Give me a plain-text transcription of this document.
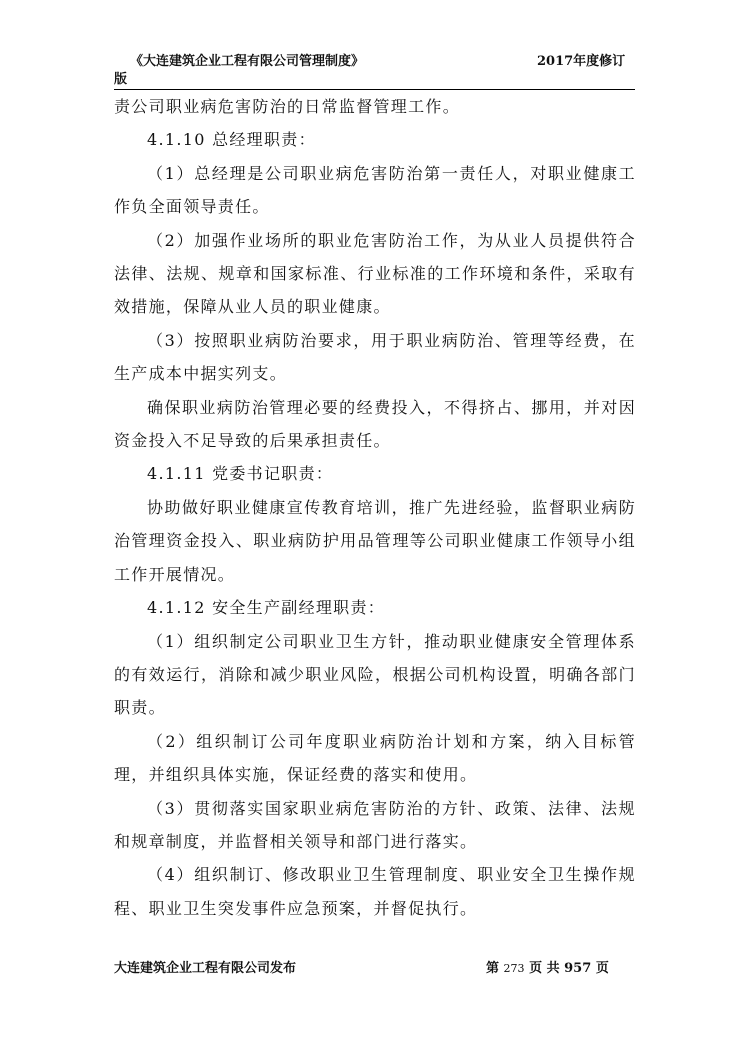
《大连建筑企业工程有限公司管理制度》	2017年度修订
版

责公司职业病危害防治的日常监督管理工作。

4.1.10 总经理职责：

（1）总经理是公司职业病危害防治第一责任人，对职业健康工作负全面领导责任。

（2）加强作业场所的职业危害防治工作，为从业人员提供符合法律、法规、规章和国家标准、行业标准的工作环境和条件，采取有效措施，保障从业人员的职业健康。

（3）按照职业病防治要求，用于职业病防治、管理等经费，在生产成本中据实列支。

确保职业病防治管理必要的经费投入，不得挤占、挪用，并对因资金投入不足导致的后果承担责任。

4.1.11 党委书记职责：

协助做好职业健康宣传教育培训，推广先进经验，监督职业病防治管理资金投入、职业病防护用品管理等公司职业健康工作领导小组工作开展情况。

4.1.12 安全生产副经理职责：

（1）组织制定公司职业卫生方针，推动职业健康安全管理体系的有效运行，消除和减少职业风险，根据公司机构设置，明确各部门职责。

（2）组织制订公司年度职业病防治计划和方案，纳入目标管理，并组织具体实施，保证经费的落实和使用。

（3）贯彻落实国家职业病危害防治的方针、政策、法律、法规和规章制度，并监督相关领导和部门进行落实。

（4）组织制订、修改职业卫生管理制度、职业安全卫生操作规程、职业卫生突发事件应急预案，并督促执行。

大连建筑企业工程有限公司发布	第 273 页 共 957 页
